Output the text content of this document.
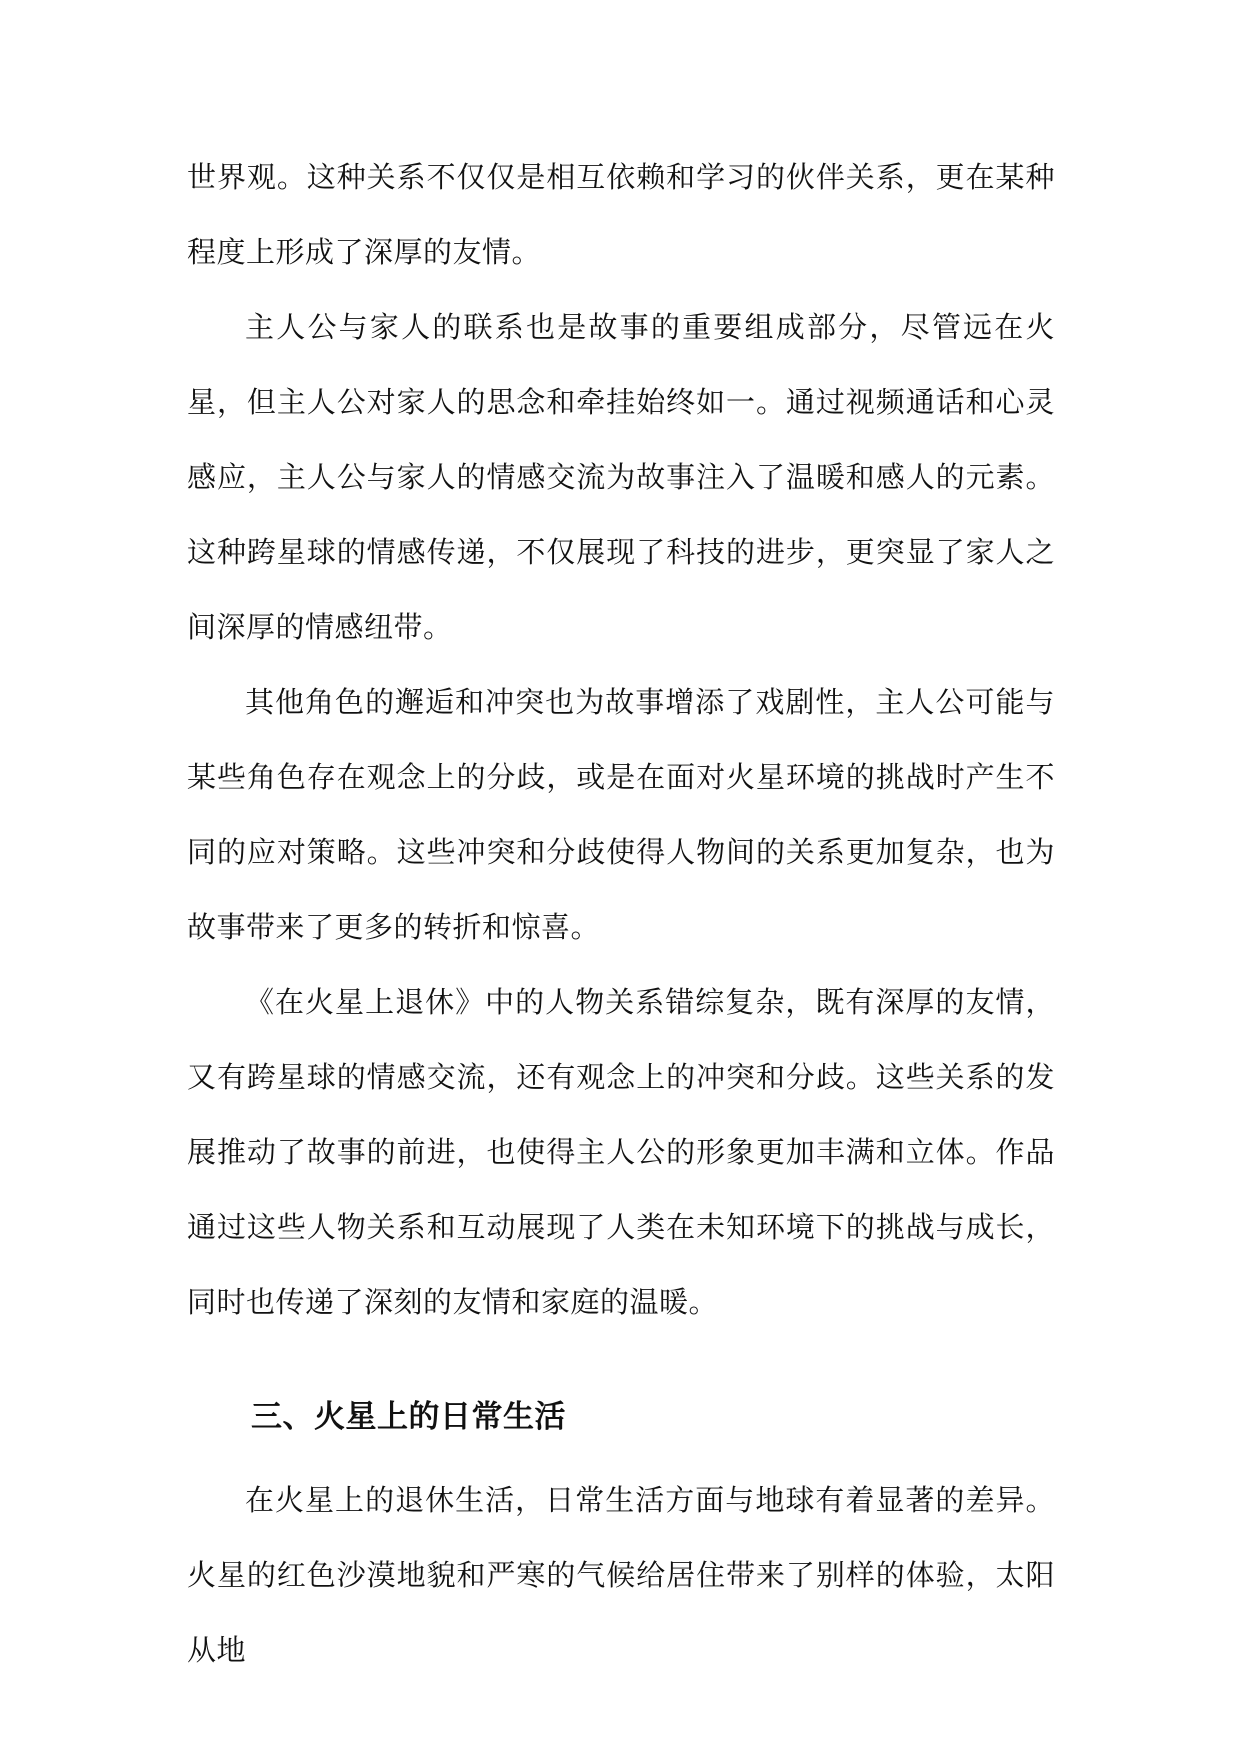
世界观。这种关系不仅仅是相互依赖和学习的伙伴关系，更在某种程度上形成了深厚的友情。

主人公与家人的联系也是故事的重要组成部分，尽管远在火星，但主人公对家人的思念和牵挂始终如一。通过视频通话和心灵感应，主人公与家人的情感交流为故事注入了温暖和感人的元素。这种跨星球的情感传递，不仅展现了科技的进步，更突显了家人之间深厚的情感纽带。

其他角色的邂逅和冲突也为故事增添了戏剧性，主人公可能与某些角色存在观念上的分歧，或是在面对火星环境的挑战时产生不同的应对策略。这些冲突和分歧使得人物间的关系更加复杂，也为故事带来了更多的转折和惊喜。

《在火星上退休》中的人物关系错综复杂，既有深厚的友情，又有跨星球的情感交流，还有观念上的冲突和分歧。这些关系的发展推动了故事的前进，也使得主人公的形象更加丰满和立体。作品通过这些人物关系和互动展现了人类在未知环境下的挑战与成长，同时也传递了深刻的友情和家庭的温暖。

三、火星上的日常生活

在火星上的退休生活，日常生活方面与地球有着显著的差异。火星的红色沙漠地貌和严寒的气候给居住带来了别样的体验，太阳从地
